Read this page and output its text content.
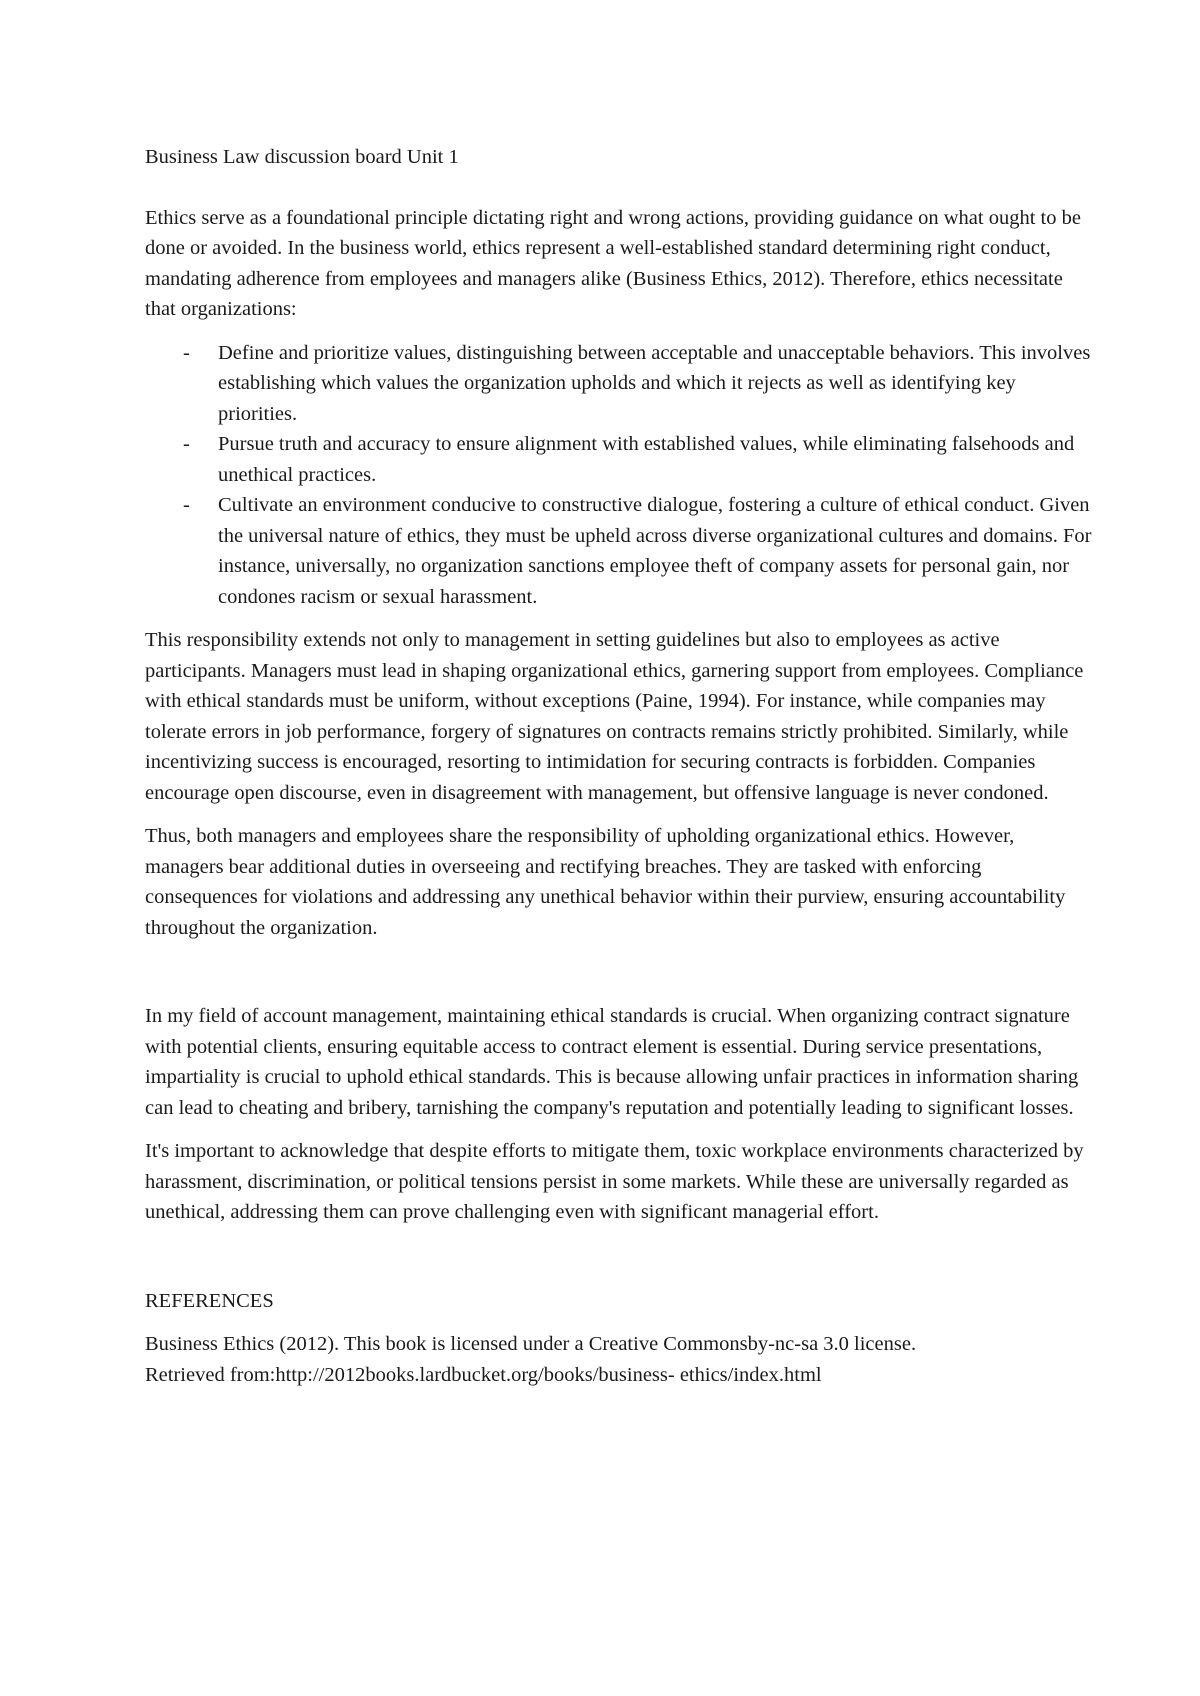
Business Law discussion board Unit 1

Ethics serve as a foundational principle dictating right and wrong actions, providing guidance on what ought to be done or avoided. In the business world, ethics represent a well-established standard determining right conduct, mandating adherence from employees and managers alike (Business Ethics, 2012). Therefore, ethics necessitate that organizations:

- Define and prioritize values, distinguishing between acceptable and unacceptable behaviors. This involves establishing which values the organization upholds and which it rejects as well as identifying key priorities.
- Pursue truth and accuracy to ensure alignment with established values, while eliminating falsehoods and unethical practices.
- Cultivate an environment conducive to constructive dialogue, fostering a culture of ethical conduct. Given the universal nature of ethics, they must be upheld across diverse organizational cultures and domains. For instance, universally, no organization sanctions employee theft of company assets for personal gain, nor condones racism or sexual harassment.

This responsibility extends not only to management in setting guidelines but also to employees as active participants. Managers must lead in shaping organizational ethics, garnering support from employees. Compliance with ethical standards must be uniform, without exceptions (Paine, 1994). For instance, while companies may tolerate errors in job performance, forgery of signatures on contracts remains strictly prohibited. Similarly, while incentivizing success is encouraged, resorting to intimidation for securing contracts is forbidden. Companies encourage open discourse, even in disagreement with management, but offensive language is never condoned.

Thus, both managers and employees share the responsibility of upholding organizational ethics. However, managers bear additional duties in overseeing and rectifying breaches. They are tasked with enforcing consequences for violations and addressing any unethical behavior within their purview, ensuring accountability throughout the organization.

In my field of account management, maintaining ethical standards is crucial. When organizing contract signature with potential clients, ensuring equitable access to contract element is essential. During service presentations, impartiality is crucial to uphold ethical standards. This is because allowing unfair practices in information sharing can lead to cheating and bribery, tarnishing the company's reputation and potentially leading to significant losses.

It's important to acknowledge that despite efforts to mitigate them, toxic workplace environments characterized by harassment, discrimination, or political tensions persist in some markets. While these are universally regarded as unethical, addressing them can prove challenging even with significant managerial effort.

REFERENCES

Business Ethics (2012). This book is licensed under a Creative Commonsby-nc-sa 3.0 license.

Retrieved from:http://2012books.lardbucket.org/books/business- ethics/index.html
